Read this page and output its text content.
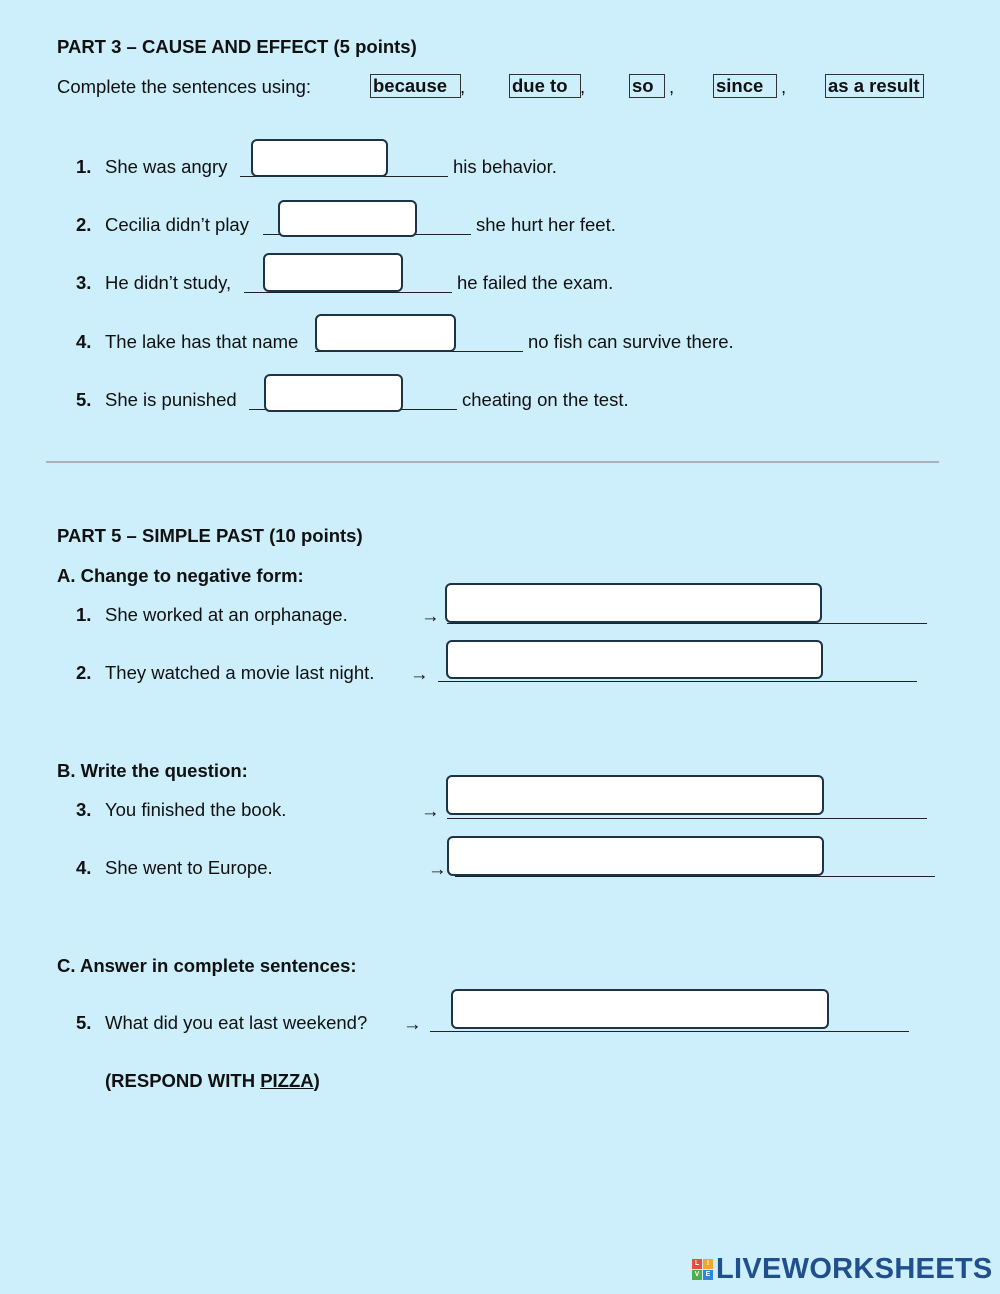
PART 3 – CAUSE AND EFFECT (5 points)
Complete the sentences using:	because ,	due to ,	so , since , as a result
1. She was angry	his behavior.
2. Cecilia didn’t play	she hurt her feet.
3. He didn’t study,	he failed the exam.
4. The lake has that name	no fish can survive there.
5. She is punished	cheating on the test.
PART 5 – SIMPLE PAST (10 points)
A. Change to negative form:
1. She worked at an orphanage.	→
2. They watched a movie last night. →
B. Write the question:
3. You finished the book.	→
4. She went to Europe.	→
C. Answer in complete sentences:
5. What did you eat last weekend? →
(RESPOND WITH PIZZA)
L	I
V E LIVEWORKSHEETS
